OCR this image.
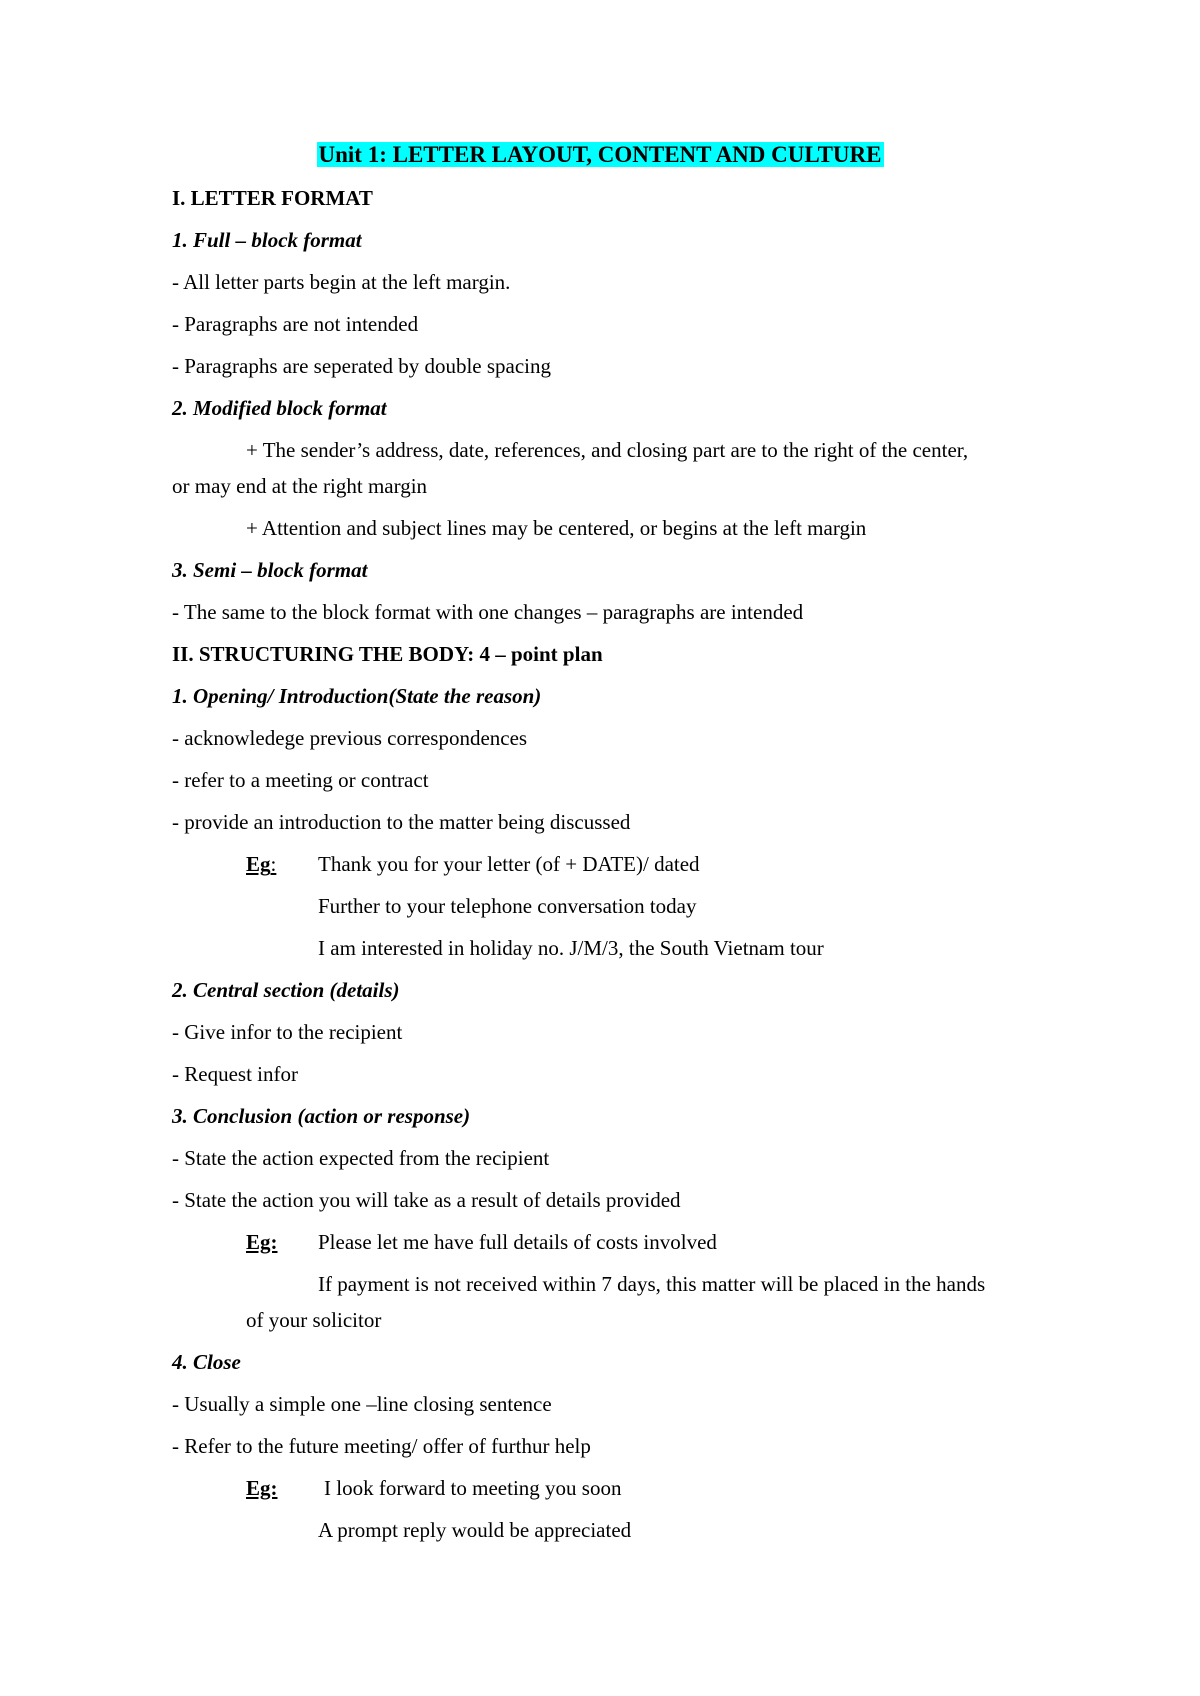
Unit 1: LETTER LAYOUT, CONTENT AND CULTURE
I. LETTER FORMAT
1. Full – block format
- All letter parts begin at the left margin.
- Paragraphs are not intended
- Paragraphs are seperated by double spacing
2. Modified block format
+ The sender’s address, date, references, and closing part are to the right of the center,
or may end at the right margin
+ Attention and subject lines may be centered, or begins at the left margin
3. Semi – block format
- The same to the block format with one changes – paragraphs are intended
II. STRUCTURING THE BODY: 4 – point plan
1. Opening/ Introduction(State the reason)
- acknowledege previous correspondences
- refer to a meeting or contract
- provide an introduction to the matter being discussed
Eg: Thank you for your letter (of + DATE)/ dated
Further to your telephone conversation today
I am interested in holiday no. J/M/3, the South Vietnam tour
2. Central section (details)
- Give infor to the recipient
- Request infor
3. Conclusion (action or response)
- State the action expected from the recipient
- State the action you will take as a result of details provided
Eg: Please let me have full details of costs involved
If payment is not received within 7 days, this matter will be placed in the hands
of your solicitor
4. Close
- Usually a simple one –line closing sentence
- Refer to the future meeting/ offer of furthur help
Eg: I look forward to meeting you soon
A prompt reply would be appreciated
